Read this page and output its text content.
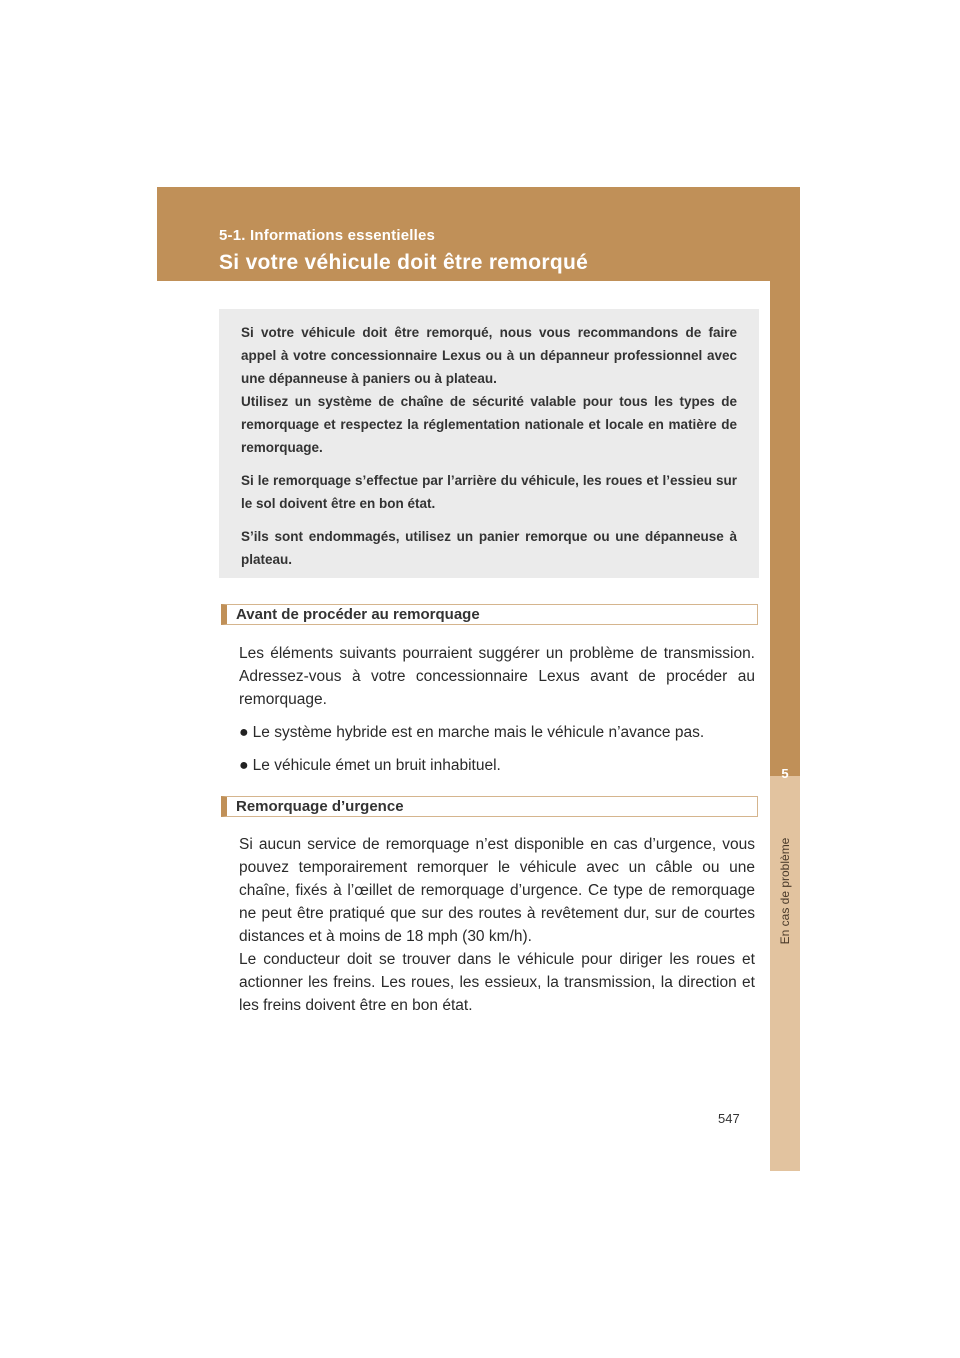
5-1. Informations essentielles
Si votre véhicule doit être remorqué
5
En cas de problème

Si votre véhicule doit être remorqué, nous vous recommandons de faire appel à votre concessionnaire Lexus ou à un dépanneur professionnel avec une dépanneuse à paniers ou à plateau.

Utilisez un système de chaîne de sécurité valable pour tous les types de remorquage et respectez la réglementation nationale et locale en matière de remorquage.

Si le remorquage s’effectue par l’arrière du véhicule, les roues et l’essieu sur le sol doivent être en bon état.

S’ils sont endommagés, utilisez un panier remorque ou une dépanneuse à plateau.

Avant de procéder au remorquage

Les éléments suivants pourraient suggérer un problème de transmission. Adressez-vous à votre concessionnaire Lexus avant de procéder au remorquage.

● Le système hybride est en marche mais le véhicule n’avance pas.
● Le véhicule émet un bruit inhabituel.
Remorquage d’urgence

Si aucun service de remorquage n’est disponible en cas d’urgence, vous pouvez temporairement remorquer le véhicule avec un câble ou une chaîne, fixés à l’œillet de remorquage d’urgence. Ce type de remorquage ne peut être pratiqué que sur des routes à revêtement dur, sur de courtes distances et à moins de 18 mph (30 km/h).

Le conducteur doit se trouver dans le véhicule pour diriger les roues et actionner les freins. Les roues, les essieux, la transmission, la direction et les freins doivent être en bon état.

547
